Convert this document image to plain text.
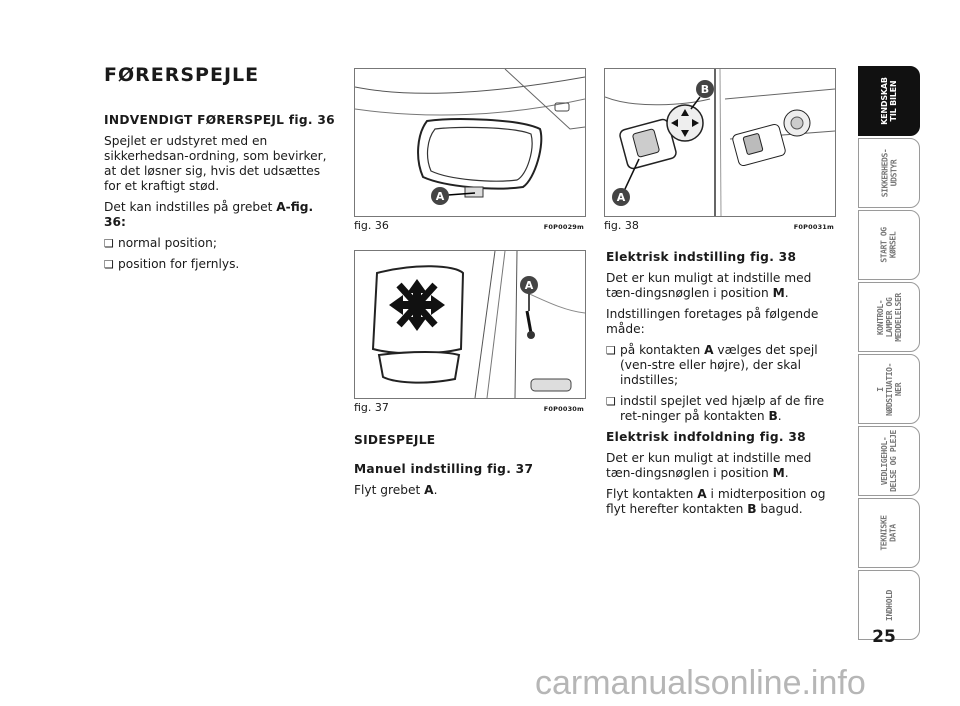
FØRERSPEJLE

INDVENDIGT FØRERSPEJL fig. 36

Spejlet er udstyret med en sikkerhedsan-ordning, som bevirker, at det løsner sig, hvis det udsættes for et kraftigt stød.

Det kan indstilles på grebet A-fig. 36:

❑ normal position;

❑ position for fjernlys.

A
fig. 36	F0P0029m
A
fig. 37	F0P0030m

SIDESPEJLE

Manuel indstilling fig. 37

Flyt grebet A.

B
A
fig. 38	F0P0031m

Elektrisk indstilling fig. 38

Det er kun muligt at indstille med tæn-dingsnøglen i position M.

Indstillingen foretages på følgende måde:

❑ på kontakten A vælges det spejl (ven-stre eller højre), der skal indstilles;

❑ indstil spejlet ved hjælp af de fire ret-ninger på kontakten B.

Elektrisk indfoldning fig. 38

Det er kun muligt at indstille med tæn-dingsnøglen i position M.

Flyt kontakten A i midterposition og flyt herefter kontakten B bagud.

KENDSKAB
TIL BILEN
SIKKERHEDS-
UDSTYR
START OG
KØRSEL
KONTROL-
LAMPER OG
MEDDELELSER
I
NØDSITUATIO-
NER
VEDLIGEHOL-
DELSE OG PLEJE
TEKNISKE
DATA
INDHOLD
25
carmanualsonline.info
